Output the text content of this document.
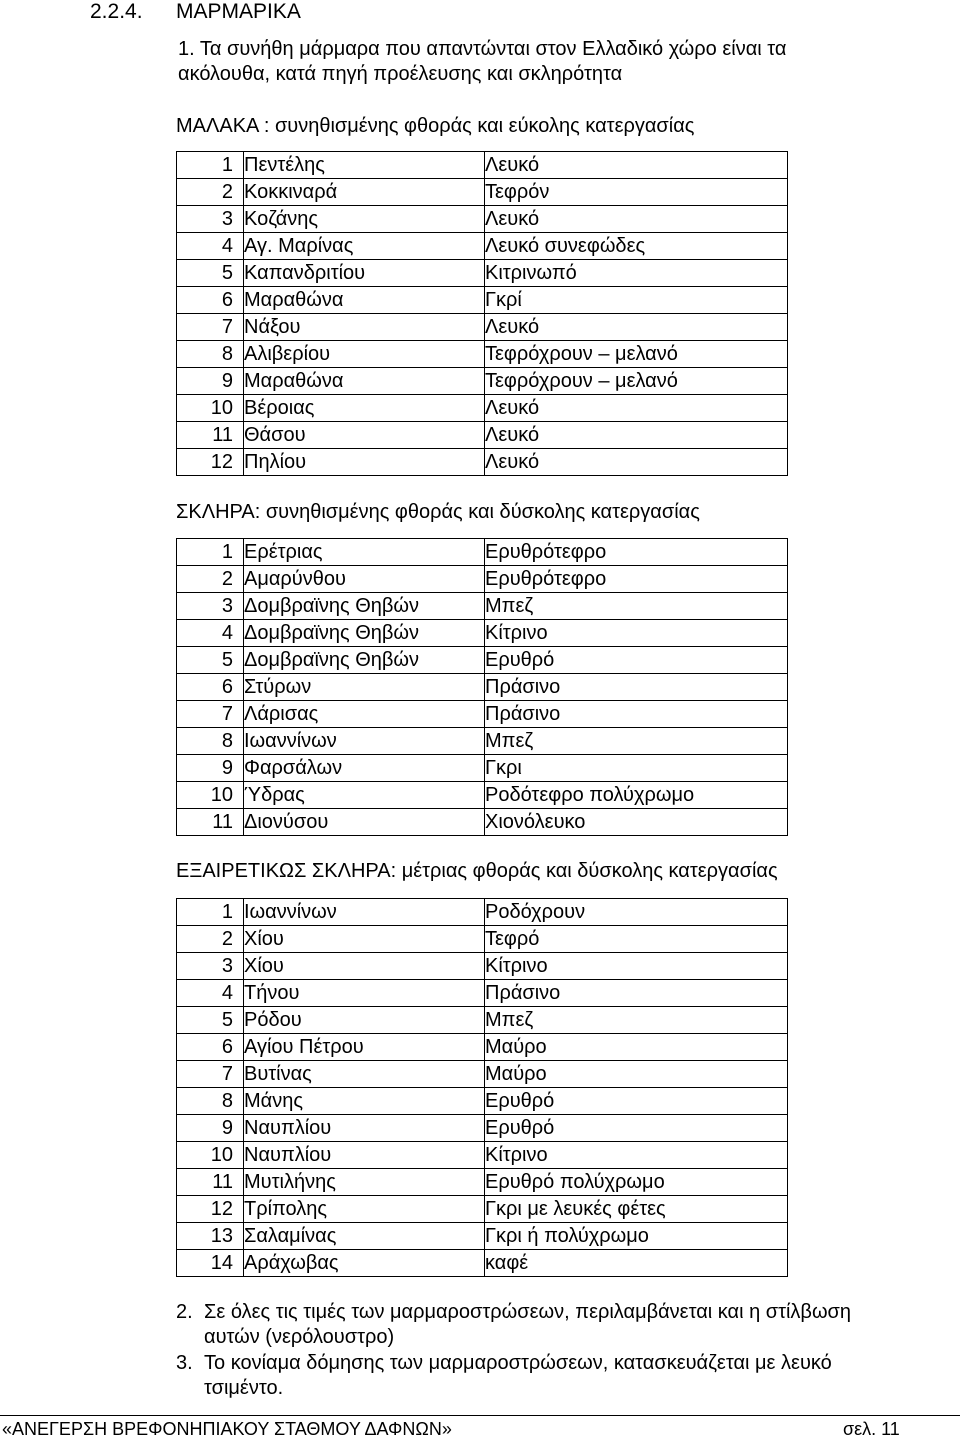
2.2.4. ΜΑΡΜΑΡΙΚΑ
1. Τα συνήθη μάρμαρα που απαντώνται στον Ελλαδικό χώρο είναι τα
ακόλουθα, κατά πηγή προέλευσης και σκληρότητα
ΜΑΛΑΚΑ : συνηθισμένης φθοράς και εύκολης κατεργασίας
1	Πεντέλης	Λευκό
2	Κοκκιναρά	Τεφρόν
3	Κοζάνης	Λευκό
4	Αγ. Μαρίνας	Λευκό συνεφώδες
5	Καπανδριτίου	Κιτρινωπό
6	Μαραθώνα	Γκρί
7	Νάξου	Λευκό
8	Αλιβερίου	Τεφρόχρουν – μελανό
9	Μαραθώνα	Τεφρόχρουν – μελανό
10	Βέροιας	Λευκό
11	Θάσου	Λευκό
12	Πηλίου	Λευκό
ΣΚΛΗΡΑ: συνηθισμένης φθοράς και δύσκολης κατεργασίας
1	Ερέτριας	Ερυθρότεφρο
2	Αμαρύνθου	Ερυθρότεφρο
3	Δομβραϊνης Θηβών	Μπεζ
4	Δομβραϊνης Θηβών	Κίτρινο
5	Δομβραϊνης Θηβών	Ερυθρό
6	Στύρων	Πράσινο
7	Λάρισας	Πράσινο
8	Ιωαννίνων	Μπεζ
9	Φαρσάλων	Γκρι
10	Ύδρας	Ροδότεφρο πολύχρωμο
11	Διονύσου	Χιονόλευκο
ΕΞΑΙΡΕΤΙΚΩΣ ΣΚΛΗΡΑ: μέτριας φθοράς και δύσκολης κατεργασίας
1	Ιωαννίνων	Ροδόχρουν
2	Χίου	Τεφρό
3	Χίου	Κίτρινο
4	Τήνου	Πράσινο
5	Ρόδου	Μπεζ
6	Αγίου Πέτρου	Μαύρο
7	Βυτίνας	Μαύρο
8	Μάνης	Ερυθρό
9	Ναυπλίου	Ερυθρό
10	Ναυπλίου	Κίτρινο
11	Μυτιλήνης	Ερυθρό πολύχρωμο
12	Τρίπολης	Γκρι με λευκές φέτες
13	Σαλαμίνας	Γκρι ή πολύχρωμο
14	Αράχωβας	καφέ
2. Σε όλες τις τιμές των μαρμαροστρώσεων, περιλαμβάνεται και η στίλβωση
αυτών (νερόλουστρο)
3. Το κονίαμα δόμησης των μαρμαροστρώσεων, κατασκευάζεται με λευκό
τσιμέντο.
«ΑΝΕΓΕΡΣΗ ΒΡΕΦΟΝΗΠΙΑΚΟΥ ΣΤΑΘΜΟΥ ΔΑΦΝΩΝ»	σελ. 11
